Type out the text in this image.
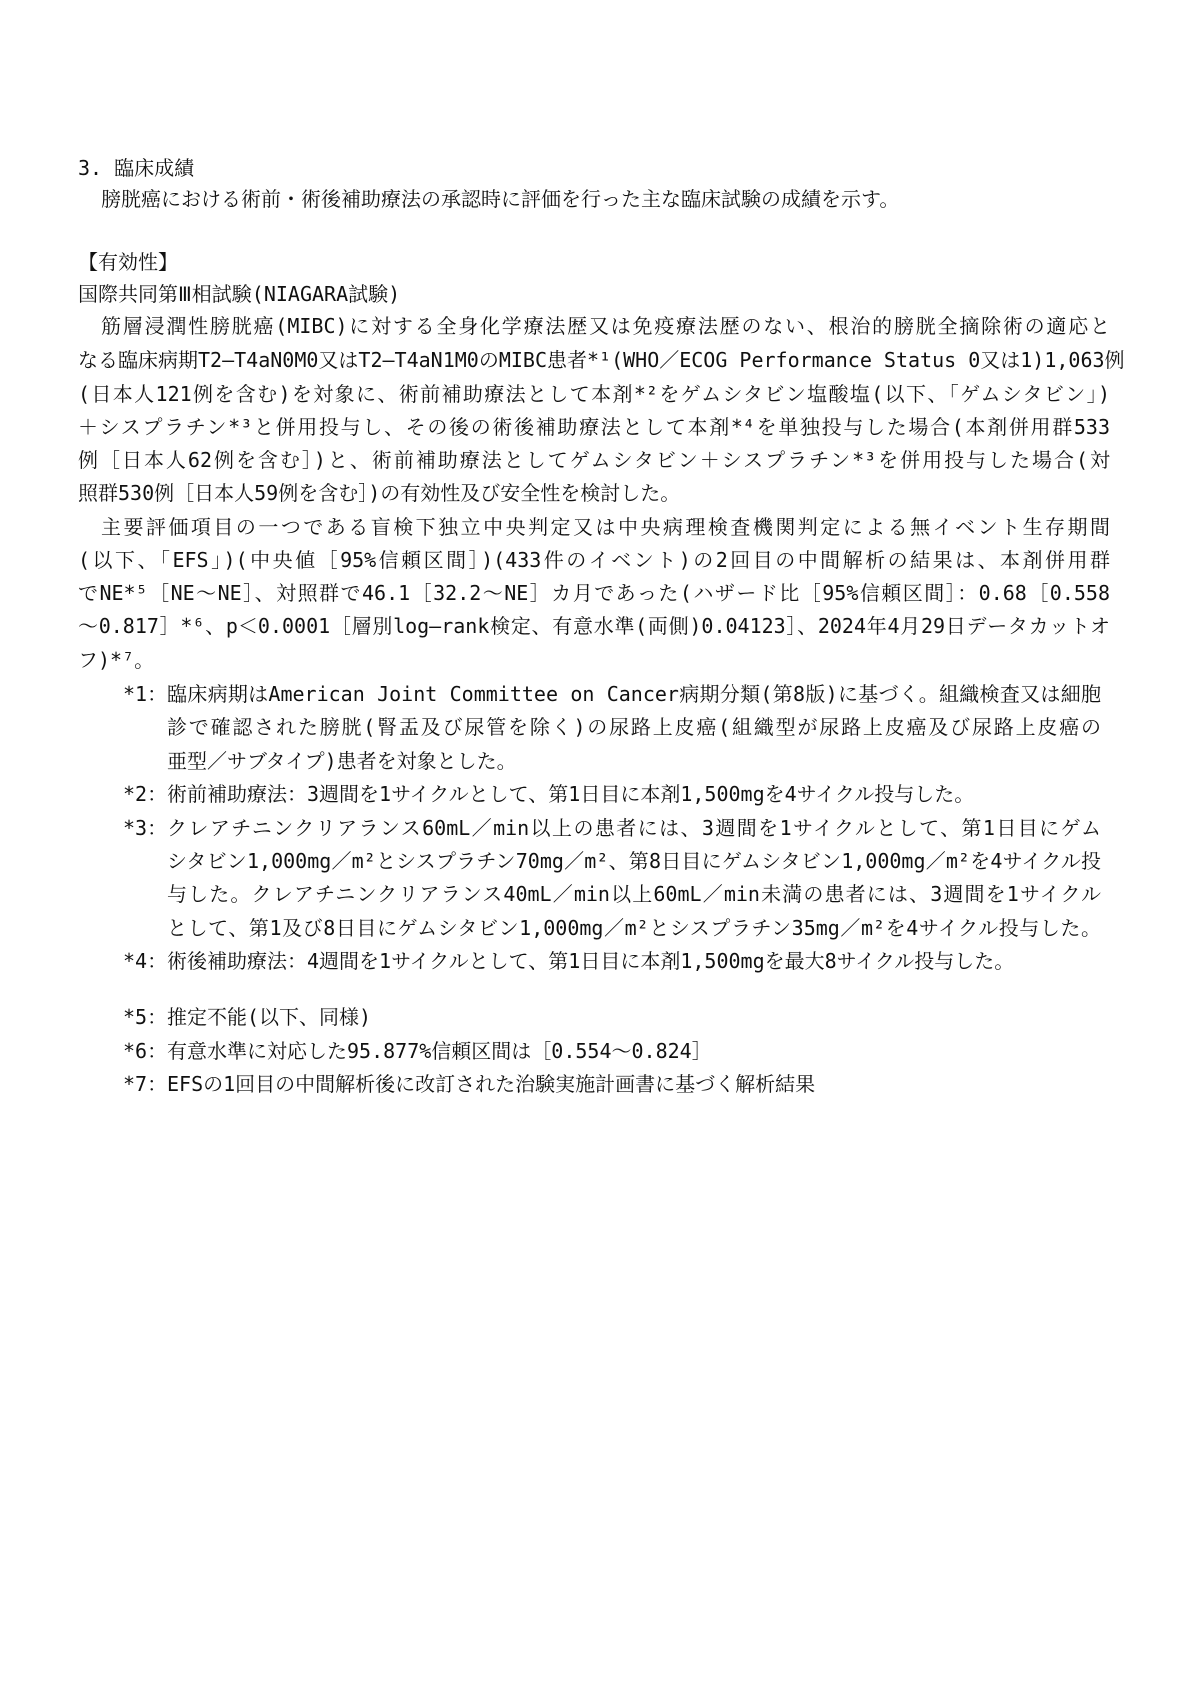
3. 臨床成績
膀胱癌における術前・術後補助療法の承認時に評価を行った主な臨床試験の成績を示す。
【有効性】
国際共同第Ⅲ相試験(NIAGARA試験)
筋層浸潤性膀胱癌(MIBC)に対する全身化学療法歴又は免疫療法歴のない、根治的膀胱全摘除術の適応と
なる臨床病期T2―T4aN0M0又はT2―T4aN1M0のMIBC患者*¹(WHO／ECOG Performance Status 0又は1)1,063例
(日本人121例を含む)を対象に、術前補助療法として本剤*²をゲムシタビン塩酸塩(以下、「ゲムシタビン」)
＋シスプラチン*³と併用投与し、その後の術後補助療法として本剤*⁴を単独投与した場合(本剤併用群533
例［日本人62例を含む］)と、術前補助療法としてゲムシタビン＋シスプラチン*³を併用投与した場合(対
照群530例［日本人59例を含む］)の有効性及び安全性を検討した。
主要評価項目の一つである盲検下独立中央判定又は中央病理検査機関判定による無イベント生存期間
(以下、「EFS」)(中央値［95%信頼区間］)(433件のイベント)の2回目の中間解析の結果は、本剤併用群
でNE*⁵［NE～NE］、対照群で46.1［32.2～NE］カ月であった(ハザード比［95%信頼区間］：0.68［0.558
～0.817］*⁶、p＜0.0001［層別log―rank検定、有意水準(両側)0.04123］、2024年4月29日データカットオ
フ)*⁷。
*1： 臨床病期はAmerican Joint Committee on Cancer病期分類(第8版)に基づく。組織検査又は細胞
診で確認された膀胱(腎盂及び尿管を除く)の尿路上皮癌(組織型が尿路上皮癌及び尿路上皮癌の
亜型／サブタイプ)患者を対象とした。
*2： 術前補助療法：3週間を1サイクルとして、第1日目に本剤1,500mgを4サイクル投与した。
*3： クレアチニンクリアランス60mL／min以上の患者には、3週間を1サイクルとして、第1日目にゲム
シタビン1,000mg／m²とシスプラチン70mg／m²、第8日目にゲムシタビン1,000mg／m²を4サイクル投
与した。クレアチニンクリアランス40mL／min以上60mL／min未満の患者には、3週間を1サイクル
として、第1及び8日目にゲムシタビン1,000mg／m²とシスプラチン35mg／m²を4サイクル投与した。
*4： 術後補助療法：4週間を1サイクルとして、第1日目に本剤1,500mgを最大8サイクル投与した。
*5： 推定不能(以下、同様)
*6： 有意水準に対応した95.877%信頼区間は［0.554～0.824］
*7： EFSの1回目の中間解析後に改訂された治験実施計画書に基づく解析結果
